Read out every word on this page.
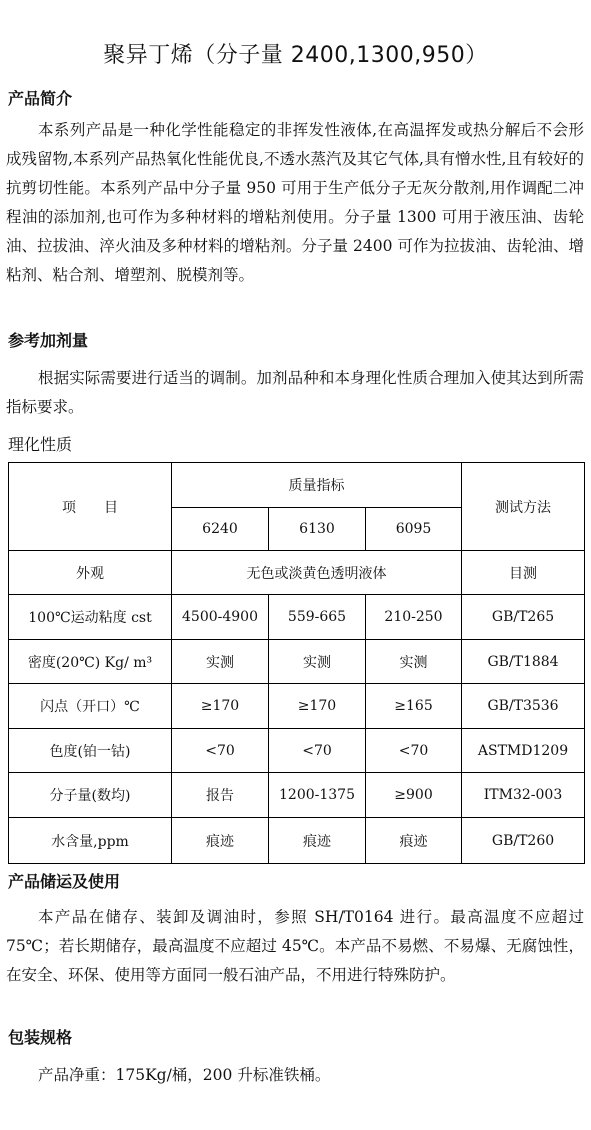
聚异丁烯（分子量 2400,1300,950）
产品简介

本系列产品是一种化学性能稳定的非挥发性液体,在高温挥发或热分解后不会形成残留物,本系列产品热氧化性能优良,不透水蒸汽及其它气体,具有憎水性,且有较好的抗剪切性能。本系列产品中分子量 950 可用于生产低分子无灰分散剂,用作调配二冲程油的添加剂,也可作为多种材料的增粘剂使用。分子量 1300 可用于液压油、齿轮油、拉拔油、淬火油及多种材料的增粘剂。分子量 2400 可作为拉拔油、齿轮油、增粘剂、粘合剂、增塑剂、脱模剂等。

参考加剂量

根据实际需要进行适当的调制。加剂品种和本身理化性质合理加入使其达到所需指标要求。

理化性质
项　　目	质量指标			测试方法
	6240	6130	6095	
外观	无色或淡黄色透明液体			目测
100℃运动粘度 cst	4500-4900	559-665	210-250	GB/T265
密度(20℃) Kg/ m³	实测	实测	实测	GB/T1884
闪点（开口）℃	≥170	≥170	≥165	GB/T3536
色度(铂一钴)	<70	<70	<70	ASTMD1209
分子量(数均)	报告	1200-1375	≥900	ITM32-003
水含量,ppm	痕迹	痕迹	痕迹	GB/T260
产品储运及使用

本产品在储存、装卸及调油时，参照 SH/T0164 进行。最高温度不应超过 75℃；若长期储存，最高温度不应超过 45℃。本产品不易燃、不易爆、无腐蚀性，在安全、环保、使用等方面同一般石油产品，不用进行特殊防护。

包装规格

产品净重：175Kg/桶，200 升标准铁桶。
